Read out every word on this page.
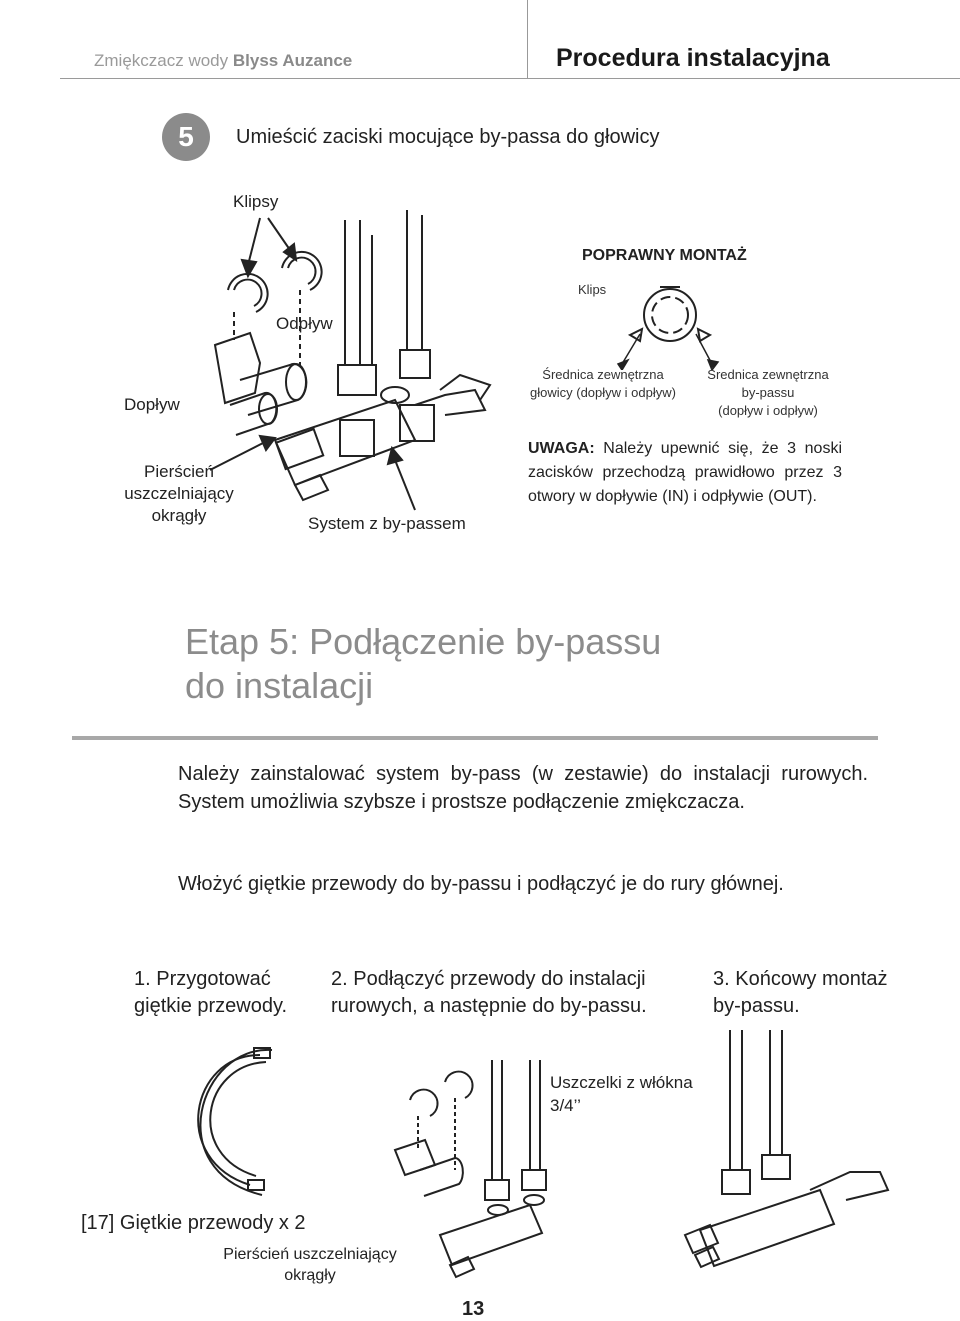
Zmiękczacz wody Blyss Auzance	Procedura instalacyjna
5	Umieścić zaciski mocujące by-passa do głowicy
Klipsy
Odpływ
Dopływ
Pierścień
uszczelniający
okrągły	System z by-passem
POPRAWNY MONTAŻ
Klips
Średnica zewnętrzna
głowicy (dopływ i odpływ)
Średnica zewnętrzna
by-passu
(dopływ i odpływ)
UWAGA: Należy upewnić się, że 3 noski zacisków przechodzą prawidłowo przez 3 otwory w dopływie (IN) i odpływie (OUT).
Etap 5: Podłączenie by-passu
do instalacji
Należy zainstalować system by-pass (w zestawie) do instalacji rurowych. System umożliwia szybsze i prostsze podłączenie zmiękczacza.
Włożyć giętkie przewody do by-passu i podłączyć je do rury głównej.
1. Przygotować
giętkie przewody.
2. Podłączyć przewody do instalacji
rurowych, a następnie do by-passu.
3. Końcowy montaż
by-passu.
[17] Giętkie przewody x 2
Pierścień uszczelniający
okrągły
Uszczelki z włókna
3/4’’
13
